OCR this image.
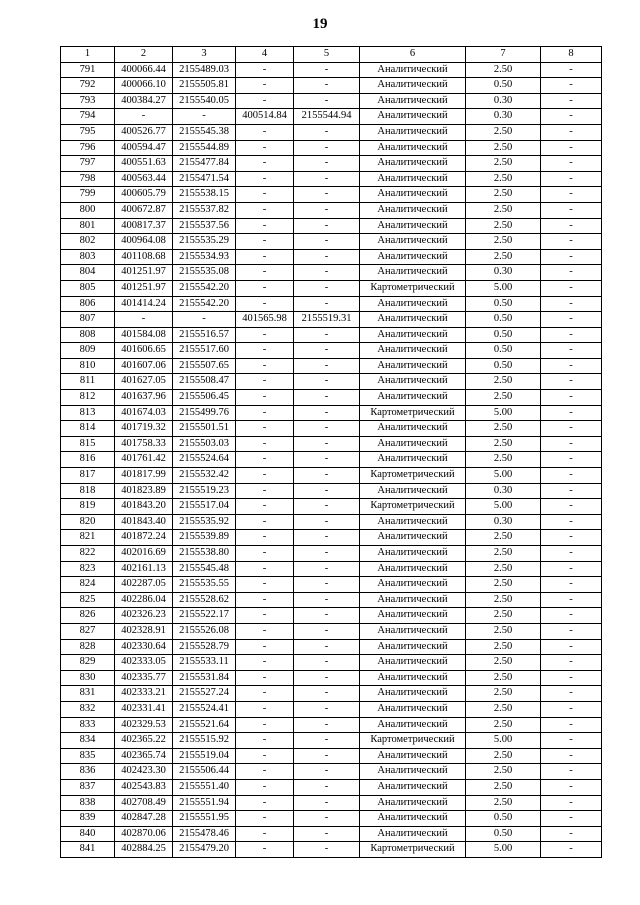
19
1	2	3	4	5	6	7	8
791	400066.44	2155489.03	-	-	Аналитический	2.50	-
792	400066.10	2155505.81	-	-	Аналитический	0.50	-
793	400384.27	2155540.05	-	-	Аналитический	0.30	-
794	-	-	400514.84	2155544.94	Аналитический	0.30	-
795	400526.77	2155545.38	-	-	Аналитический	2.50	-
796	400594.47	2155544.89	-	-	Аналитический	2.50	-
797	400551.63	2155477.84	-	-	Аналитический	2.50	-
798	400563.44	2155471.54	-	-	Аналитический	2.50	-
799	400605.79	2155538.15	-	-	Аналитический	2.50	-
800	400672.87	2155537.82	-	-	Аналитический	2.50	-
801	400817.37	2155537.56	-	-	Аналитический	2.50	-
802	400964.08	2155535.29	-	-	Аналитический	2.50	-
803	401108.68	2155534.93	-	-	Аналитический	2.50	-
804	401251.97	2155535.08	-	-	Аналитический	0.30	-
805	401251.97	2155542.20	-	-	Картометрический	5.00	-
806	401414.24	2155542.20	-	-	Аналитический	0.50	-
807	-	-	401565.98	2155519.31	Аналитический	0.50	-
808	401584.08	2155516.57	-	-	Аналитический	0.50	-
809	401606.65	2155517.60	-	-	Аналитический	0.50	-
810	401607.06	2155507.65	-	-	Аналитический	0.50	-
811	401627.05	2155508.47	-	-	Аналитический	2.50	-
812	401637.96	2155506.45	-	-	Аналитический	2.50	-
813	401674.03	2155499.76	-	-	Картометрический	5.00	-
814	401719.32	2155501.51	-	-	Аналитический	2.50	-
815	401758.33	2155503.03	-	-	Аналитический	2.50	-
816	401761.42	2155524.64	-	-	Аналитический	2.50	-
817	401817.99	2155532.42	-	-	Картометрический	5.00	-
818	401823.89	2155519.23	-	-	Аналитический	0.30	-
819	401843.20	2155517.04	-	-	Картометрический	5.00	-
820	401843.40	2155535.92	-	-	Аналитический	0.30	-
821	401872.24	2155539.89	-	-	Аналитический	2.50	-
822	402016.69	2155538.80	-	-	Аналитический	2.50	-
823	402161.13	2155545.48	-	-	Аналитический	2.50	-
824	402287.05	2155535.55	-	-	Аналитический	2.50	-
825	402286.04	2155528.62	-	-	Аналитический	2.50	-
826	402326.23	2155522.17	-	-	Аналитический	2.50	-
827	402328.91	2155526.08	-	-	Аналитический	2.50	-
828	402330.64	2155528.79	-	-	Аналитический	2.50	-
829	402333.05	2155533.11	-	-	Аналитический	2.50	-
830	402335.77	2155531.84	-	-	Аналитический	2.50	-
831	402333.21	2155527.24	-	-	Аналитический	2.50	-
832	402331.41	2155524.41	-	-	Аналитический	2.50	-
833	402329.53	2155521.64	-	-	Аналитический	2.50	-
834	402365.22	2155515.92	-	-	Картометрический	5.00	-
835	402365.74	2155519.04	-	-	Аналитический	2.50	-
836	402423.30	2155506.44	-	-	Аналитический	2.50	-
837	402543.83	2155551.40	-	-	Аналитический	2.50	-
838	402708.49	2155551.94	-	-	Аналитический	2.50	-
839	402847.28	2155551.95	-	-	Аналитический	0.50	-
840	402870.06	2155478.46	-	-	Аналитический	0.50	-
841	402884.25	2155479.20	-	-	Картометрический	5.00	-
